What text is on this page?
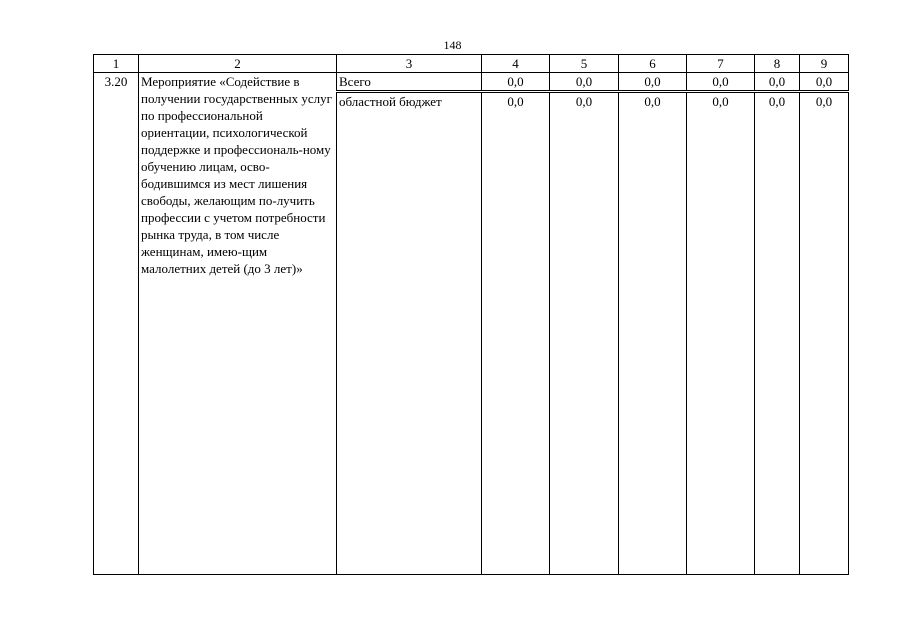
148
1	2	3	4	5	6	7	8	9
3.20	Мероприятие «Содействие в получении государственных услуг по профессиональной ориентации, психологической поддержке и профессиональ-ному обучению лицам, осво-бодившимся из мест лишения свободы, желающим по-лучить профессии с учетом потребности рынка труда, в том числе женщинам, имею-щим малолетних детей (до 3 лет)»	Всего	0,0	0,0	0,0	0,0	0,0	0,0
		областной бюджет	0,0	0,0	0,0	0,0	0,0	0,0
